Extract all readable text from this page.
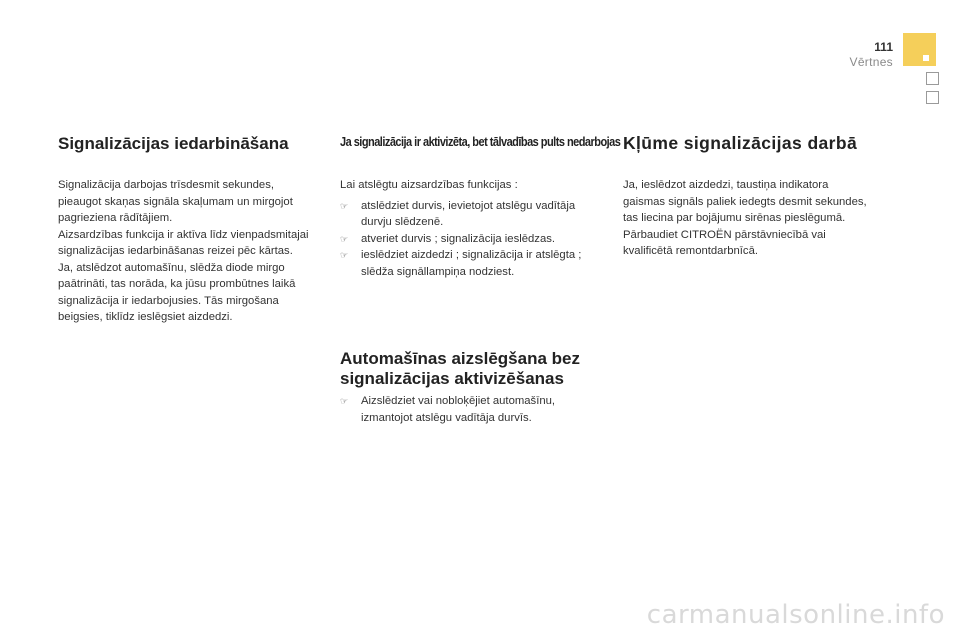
111
Vērtnes
Signalizācijas iedarbināšana

Signalizācija darbojas trīsdesmit sekundes, pieaugot skaņas signāla skaļumam un mirgojot pagrieziena rādītājiem.

Aizsardzības funkcija ir aktīva līdz vienpadsmitajai signalizācijas iedarbināšanas reizei pēc kārtas.

Ja, atslēdzot automašīnu, slēdža diode mirgo paātrināti, tas norāda, ka jūsu prombūtnes laikā signalizācija ir iedarbojusies. Tās mirgošana beigsies, tiklīdz ieslēgsiet aizdedzi.

Ja signalizācija ir aktivizēta, bet tālvadības pults nedarbojas

Lai atslēgtu aizsardzības funkcijas :

☞ atslēdziet durvis, ievietojot atslēgu vadītāja durvju slēdzenē.
☞ atveriet durvis ; signalizācija ieslēdzas.
☞ ieslēdziet aizdedzi ; signalizācija ir atslēgta ; slēdža signāllampiņa nodziest.
Automašīnas aizslēgšana bez signalizācijas aktivizēšanas
☞ Aizslēdziet vai nobloķējiet automašīnu, izmantojot atslēgu vadītāja durvīs.
Kļūme signalizācijas darbā

Ja, ieslēdzot aizdedzi, taustiņa indikatora gaismas signāls paliek iedegts desmit sekundes, tas liecina par bojājumu sirēnas pieslēgumā.

Pārbaudiet CITROËN pārstāvniecībā vai kvalificētā remontdarbnīcā.

carmanualsonline.info
